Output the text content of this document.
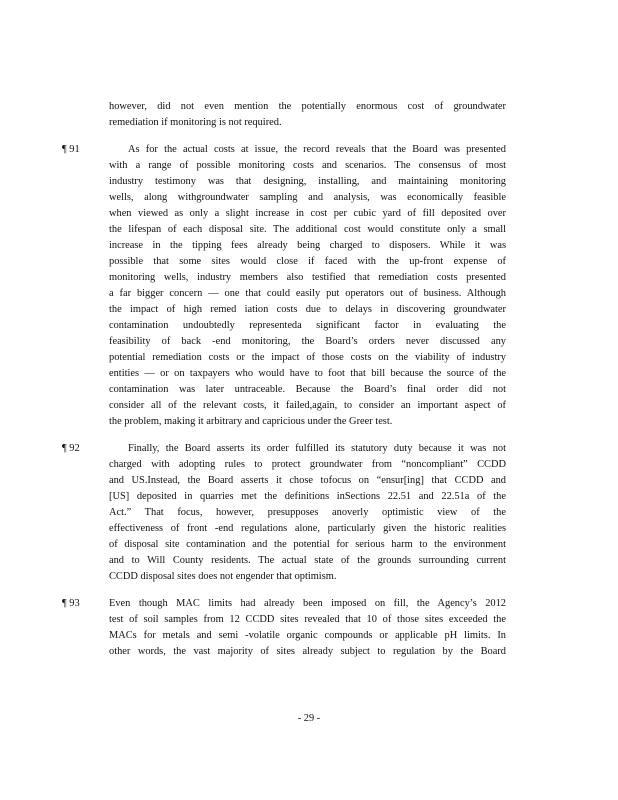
however, did not even mention the potentially enormous cost of groundwater
remediation if monitoring is not required.
¶ 91	As for the actual costs at issue, the record reveals that the Board was presented
with a range of possible monitoring costs and scenarios. The consensus of most
industry testimony was that designing, installing, and maintaining monitoring
wells, along withgroundwater sampling and analysis, was economically feasible
when viewed as only a slight increase in cost per cubic yard of fill deposited over
the lifespan of each disposal site. The additional cost would constitute only a small
increase in the tipping fees already being charged to disposers. While it was
possible that some sites would close if faced with the up-front expense of
monitoring wells, industry members also testified that remediation costs presented
a far bigger concern — one that could easily put operators out of business. Although
the impact of high remed iation costs due to delays in discovering groundwater
contamination undoubtedly representeda significant factor in evaluating the
feasibility of back -end monitoring, the Board’s orders never discussed any
potential remediation costs or the impact of those costs on the viability of industry
entities — or on taxpayers who would have to foot that bill because the source of the
contamination was later untraceable. Because the Board’s final order did not
consider all of the relevant costs, it failed,again, to consider an important aspect of
the problem, making it arbitrary and capricious under the Greer test.
¶ 92	Finally, the Board asserts its order fulfilled its statutory duty because it was not
charged with adopting rules to protect groundwater from “noncompliant” CCDD
and US.Instead, the Board asserts it chose tofocus on “ensur[ing] that CCDD and
[US] deposited in quarries met the definitions inSections 22.51 and 22.51a of the
Act.” That focus, however, presupposes anoverly optimistic view of the
effectiveness of front -end regulations alone, particularly given the historic realities
of disposal site contamination and the potential for serious harm to the environment
and to Will County residents. The actual state of the grounds surrounding current
CCDD disposal sites does not engender that optimism.
¶ 93	Even though MAC limits had already been imposed on fill, the Agency’s 2012
test of soil samples from 12 CCDD sites revealed that 10 of those sites exceeded the
MACs for metals and semi -volatile organic compounds or applicable pH limits. In
other words, the vast majority of sites already subject to regulation by the Board
- 29 -
